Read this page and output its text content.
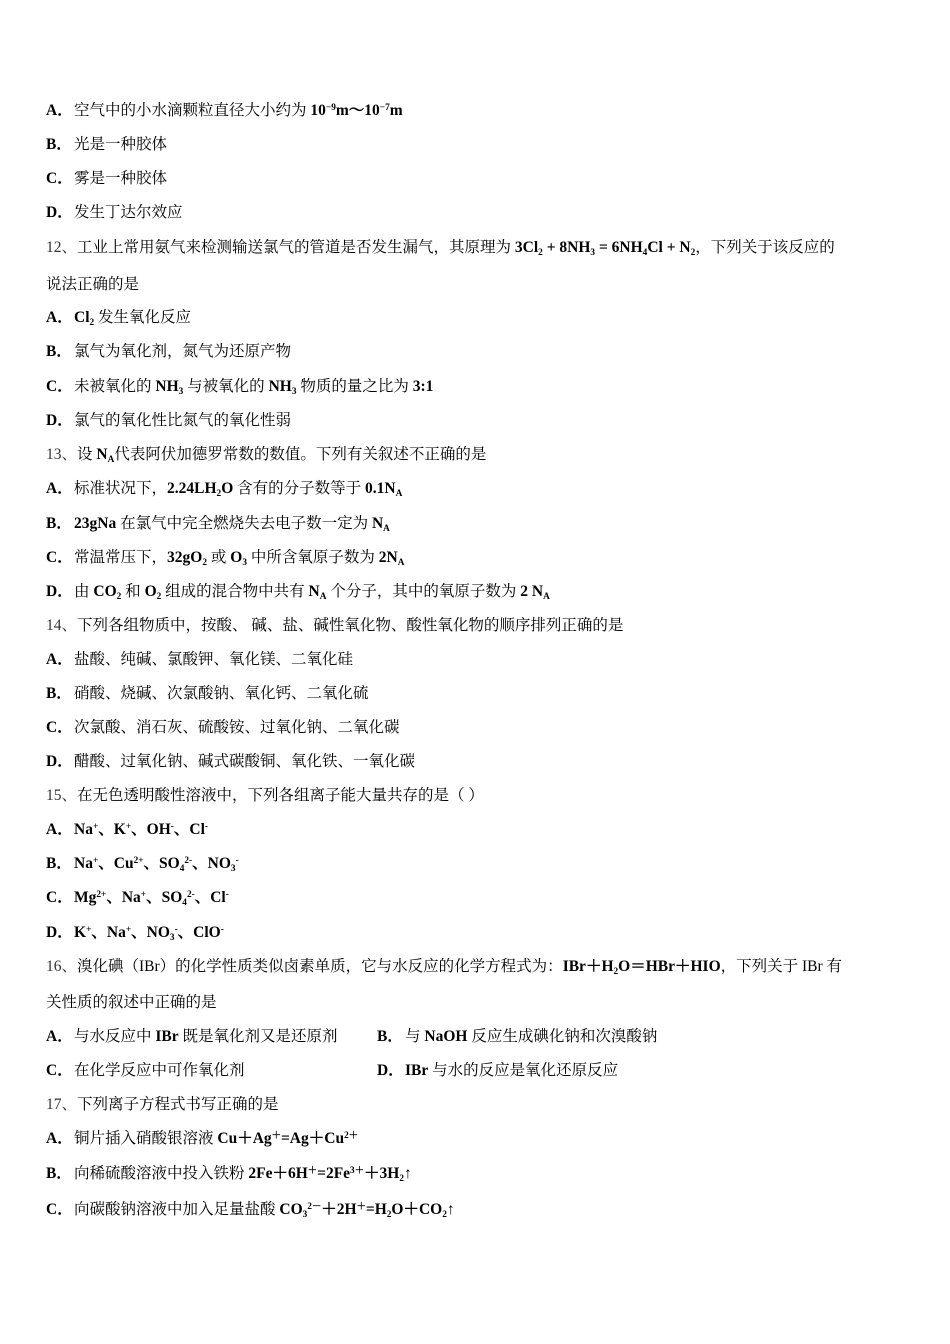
A．空气中的小水滴颗粒直径大小约为 $10^{-9}m\sim 10^{-7}m$
B． 光是一种胶体
C．雾是一种胶体
D．发生丁达尔效应
12、工业上常用氨气来检测输送氯气的管道是否发生漏气，其原理为 $3Cl_2 + 8NH_3 = 6NH_4Cl + N_2$，下列关于该反应的
说法正确的是
A．$Cl_2$ 发生氧化反应
B． 氯气为氧化剂，氮气为还原产物
C．未被氧化的 $NH_3$ 与被氧化的 $NH_3$ 物质的量之比为 3:1
D．氯气的氧化性比氮气的氧化性弱
13、设 $N_A$代表阿伏加德罗常数的数值。下列有关叙述不正确的是
A．标准状况下，$2.24LH_2O$ 含有的分子数等于 $0.1N_A$
B． 23gNa 在氯气中完全燃烧失去电子数一定为 $N_A$
C．常温常压下，$32gO_2$ 或 $O_3$ 中所含氧原子数为 $2N_A$
D．由 $CO_2$ 和 $O_2$ 组成的混合物中共有 $N_A$ 个分子，其中的氧原子数为 2 $N_A$
14、下列各组物质中，按酸、 碱、盐、碱性氧化物、酸性氧化物的顺序排列正确的是
A．盐酸、纯碱、氯酸钾、氧化镁、二氧化硅
B． 硝酸、烧碱、次氯酸钠、氧化钙、二氧化硫
C．次氯酸、消石灰、硫酸铵、过氧化钠、二氧化碳
D．醋酸、过氧化钠、碱式碳酸铜、氧化铁、一氧化碳
15、在无色透明酸性溶液中，下列各组离子能大量共存的是（ ）
A．Na+、K+、OH-、Cl-
B． Na+、$Cu^{2+}$、$SO_4^{2-}$、$NO_3^-$
C．$Mg^{2+}$、Na+、$SO_4^{2-}$、Cl-
D．K+、Na+、$NO_3^-$、ClO-
16、溴化碘（IBr）的化学性质类似卤素单质，它与水反应的化学方程式为：$IBr+H_2O=HBr+HIO$，下列关于 IBr 有
关性质的叙述中正确的是
A．与水反应中 IBr 既是氧化剂又是还原剂	B． 与 NaOH 反应生成碘化钠和次溴酸钠
C．在化学反应中可作氧化剂	D．IBr 与水的反应是氧化还原反应
17、下列离子方程式书写正确的是
A．铜片插入硝酸银溶液 $Cu+Ag^+=Ag+Cu^{2+}$
B． 向稀硫酸溶液中投入铁粉 $2Fe+6H^+=2Fe^{3+}+3H_2↑$
C．向碳酸钠溶液中加入足量盐酸 $CO_3^{2-}+2H^+=H_2O+CO_2↑$
